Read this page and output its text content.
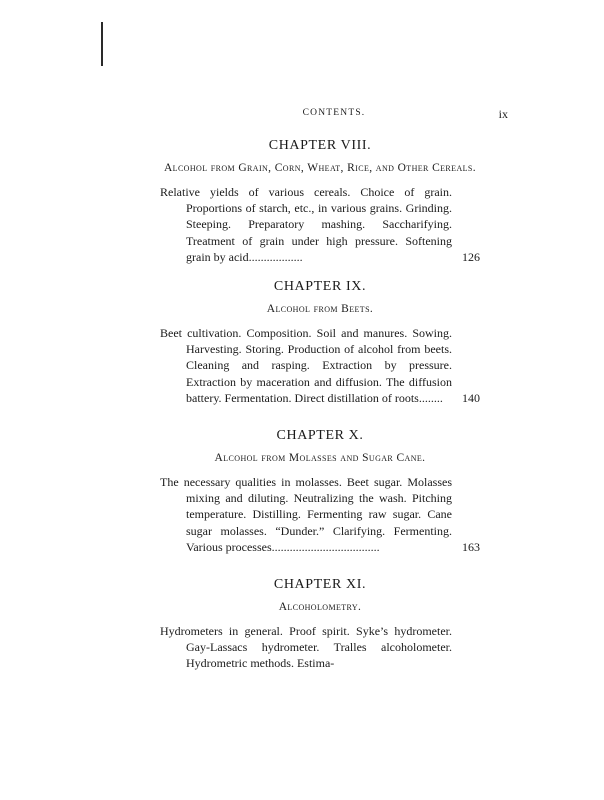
CONTENTS.	ix
CHAPTER VIII.
Alcohol from Grain, Corn, Wheat, Rice, and Other Cereals.

Relative yields of various cereals. Choice of grain. Proportions of starch, etc., in various grains. Grinding. Steeping. Preparatory mashing. Saccharifying. Treatment of grain under high pressure. Softening grain by acid..................	126

CHAPTER IX.
Alcohol from Beets.

Beet cultivation. Composition. Soil and manures. Sowing. Harvesting. Storing. Production of alcohol from beets. Cleaning and rasping. Extraction by pressure. Extraction by maceration and diffusion. The diffusion battery. Fermentation. Direct distillation of roots........ 140

CHAPTER X.
Alcohol from Molasses and Sugar Cane.

The necessary qualities in molasses. Beet sugar. Molasses mixing and diluting. Neutralizing the wash. Pitching temperature. Distilling. Fermenting raw sugar. Cane sugar molasses. “Dunder.” Clarifying. Fermenting. Various processes....................................	163

CHAPTER XI.
Alcoholometry.

Hydrometers in general. Proof spirit. Syke’s hydrometer. Gay-Lassacs hydrometer. Tralles alcoholometer. Hydrometric methods. Estima-
